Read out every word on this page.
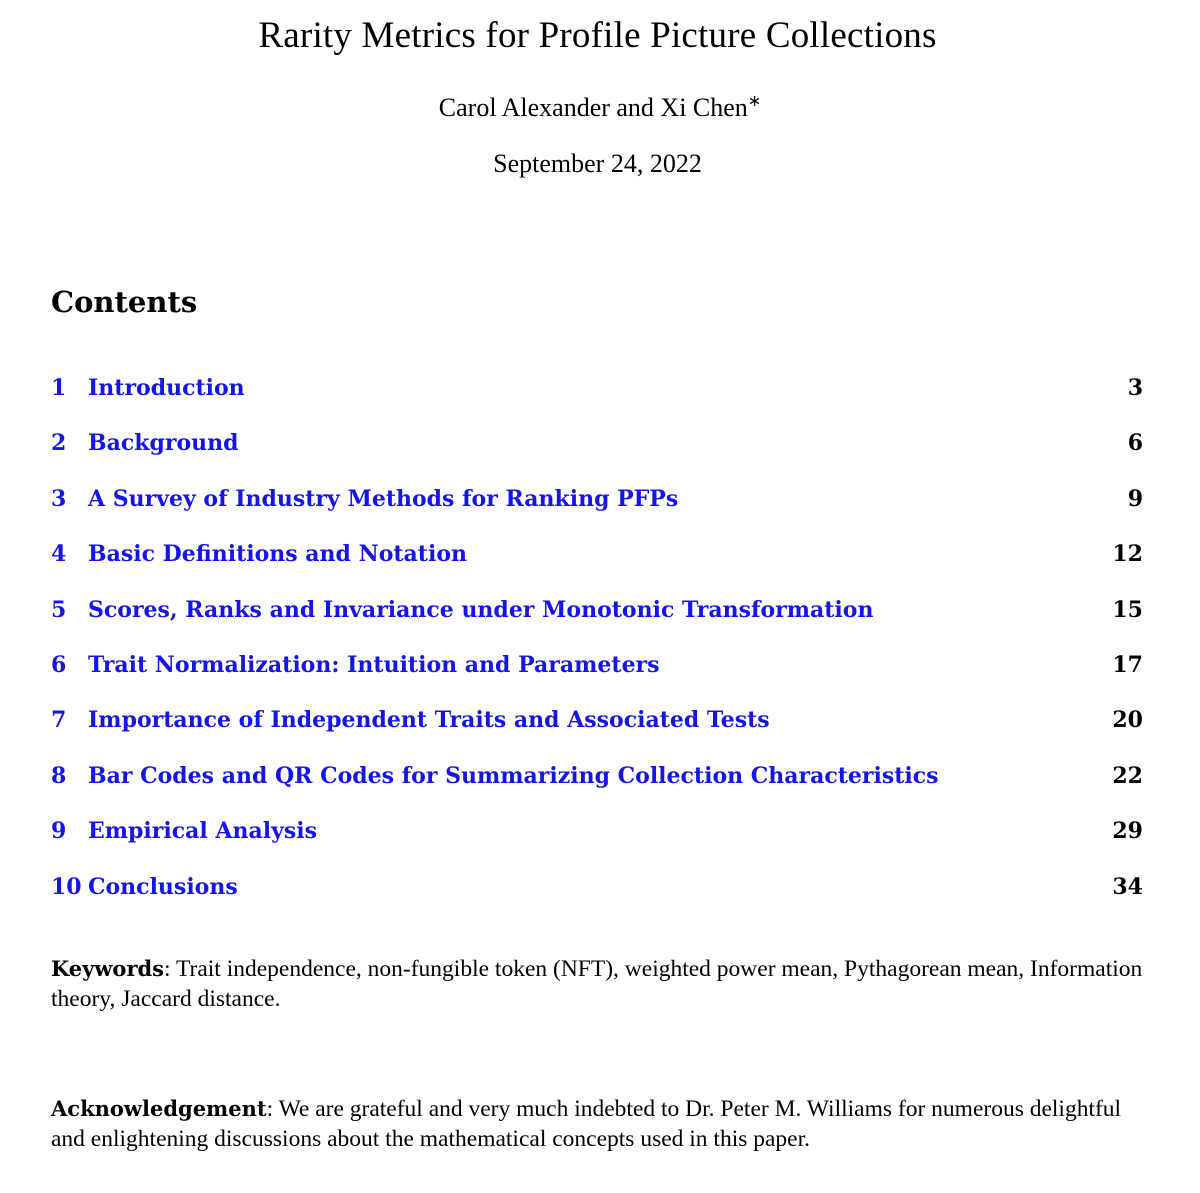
Rarity Metrics for Profile Picture Collections
Carol Alexander and Xi Chen∗
September 24, 2022
Contents
1 Introduction	3
2 Background	6
3 A Survey of Industry Methods for Ranking PFPs	9
4 Basic Definitions and Notation	12
5 Scores, Ranks and Invariance under Monotonic Transformation	15
6 Trait Normalization: Intuition and Parameters	17
7 Importance of Independent Traits and Associated Tests	20
8 Bar Codes and QR Codes for Summarizing Collection Characteristics	22
9 Empirical Analysis	29
10 Conclusions	34
Keywords: Trait independence, non-fungible token (NFT), weighted power mean, Pythagorean mean, Information theory, Jaccard distance.
Acknowledgement: We are grateful and very much indebted to Dr. Peter M. Williams for numerous delightful and enlightening discussions about the mathematical concepts used in this paper.
